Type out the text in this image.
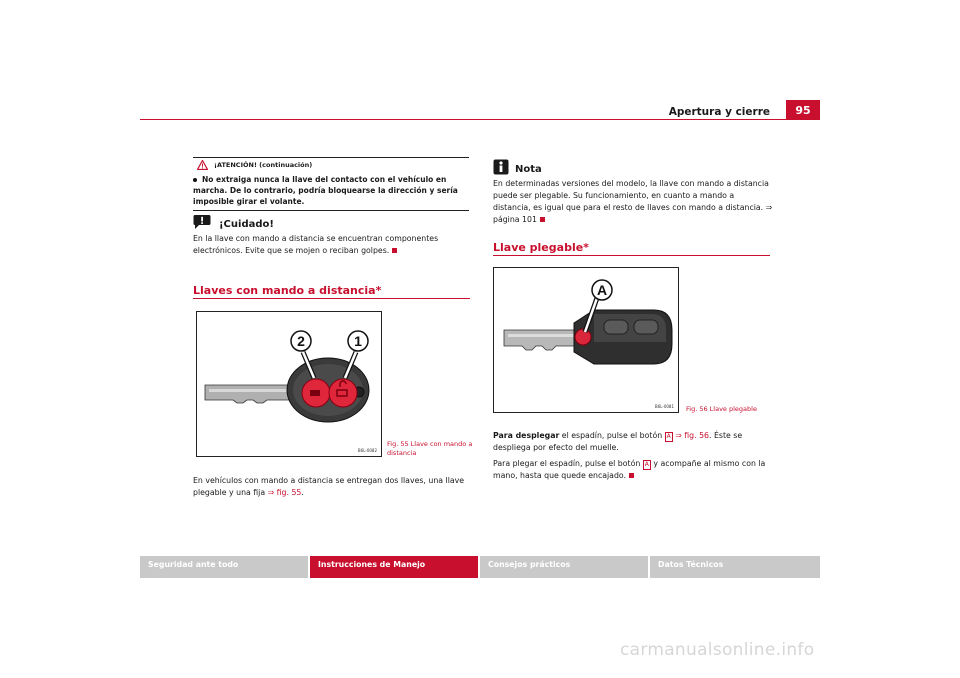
Apertura y cierre	95
¡ATENCIÓN! (continuación)
No extraiga nunca la llave del contacto con el vehículo en marcha. De lo contrario, podría bloquearse la dirección y sería imposible girar el volante.
¡Cuidado!
En la llave con mando a distancia se encuentran componentes electrónicos. Evite que se mojen o reciban golpes.
Llaves con mando a distancia*
2	1
B6L-0082
Fig. 55 Llave con mando a distancia
En vehículos con mando a distancia se entregan dos llaves, una llave plegable y una fija ⇒ fig. 55.
Nota
En determinadas versiones del modelo, la llave con mando a distancia puede ser plegable. Su funcionamiento, en cuanto a mando a distancia, es igual que para el resto de llaves con mando a distancia. ⇒ página 101
Llave plegable*
A
B6L-0081 Fig. 56 Llave plegable
Para desplegar el espadín, pulse el botón A ⇒ fig. 56. Éste se despliega por efecto del muelle.
Para plegar el espadín, pulse el botón A y acompañe al mismo con la mano, hasta que quede encajado.
Seguridad ante todo	Instrucciones de Manejo	Consejos prácticos	Datos Técnicos
carmanualsonline.info
